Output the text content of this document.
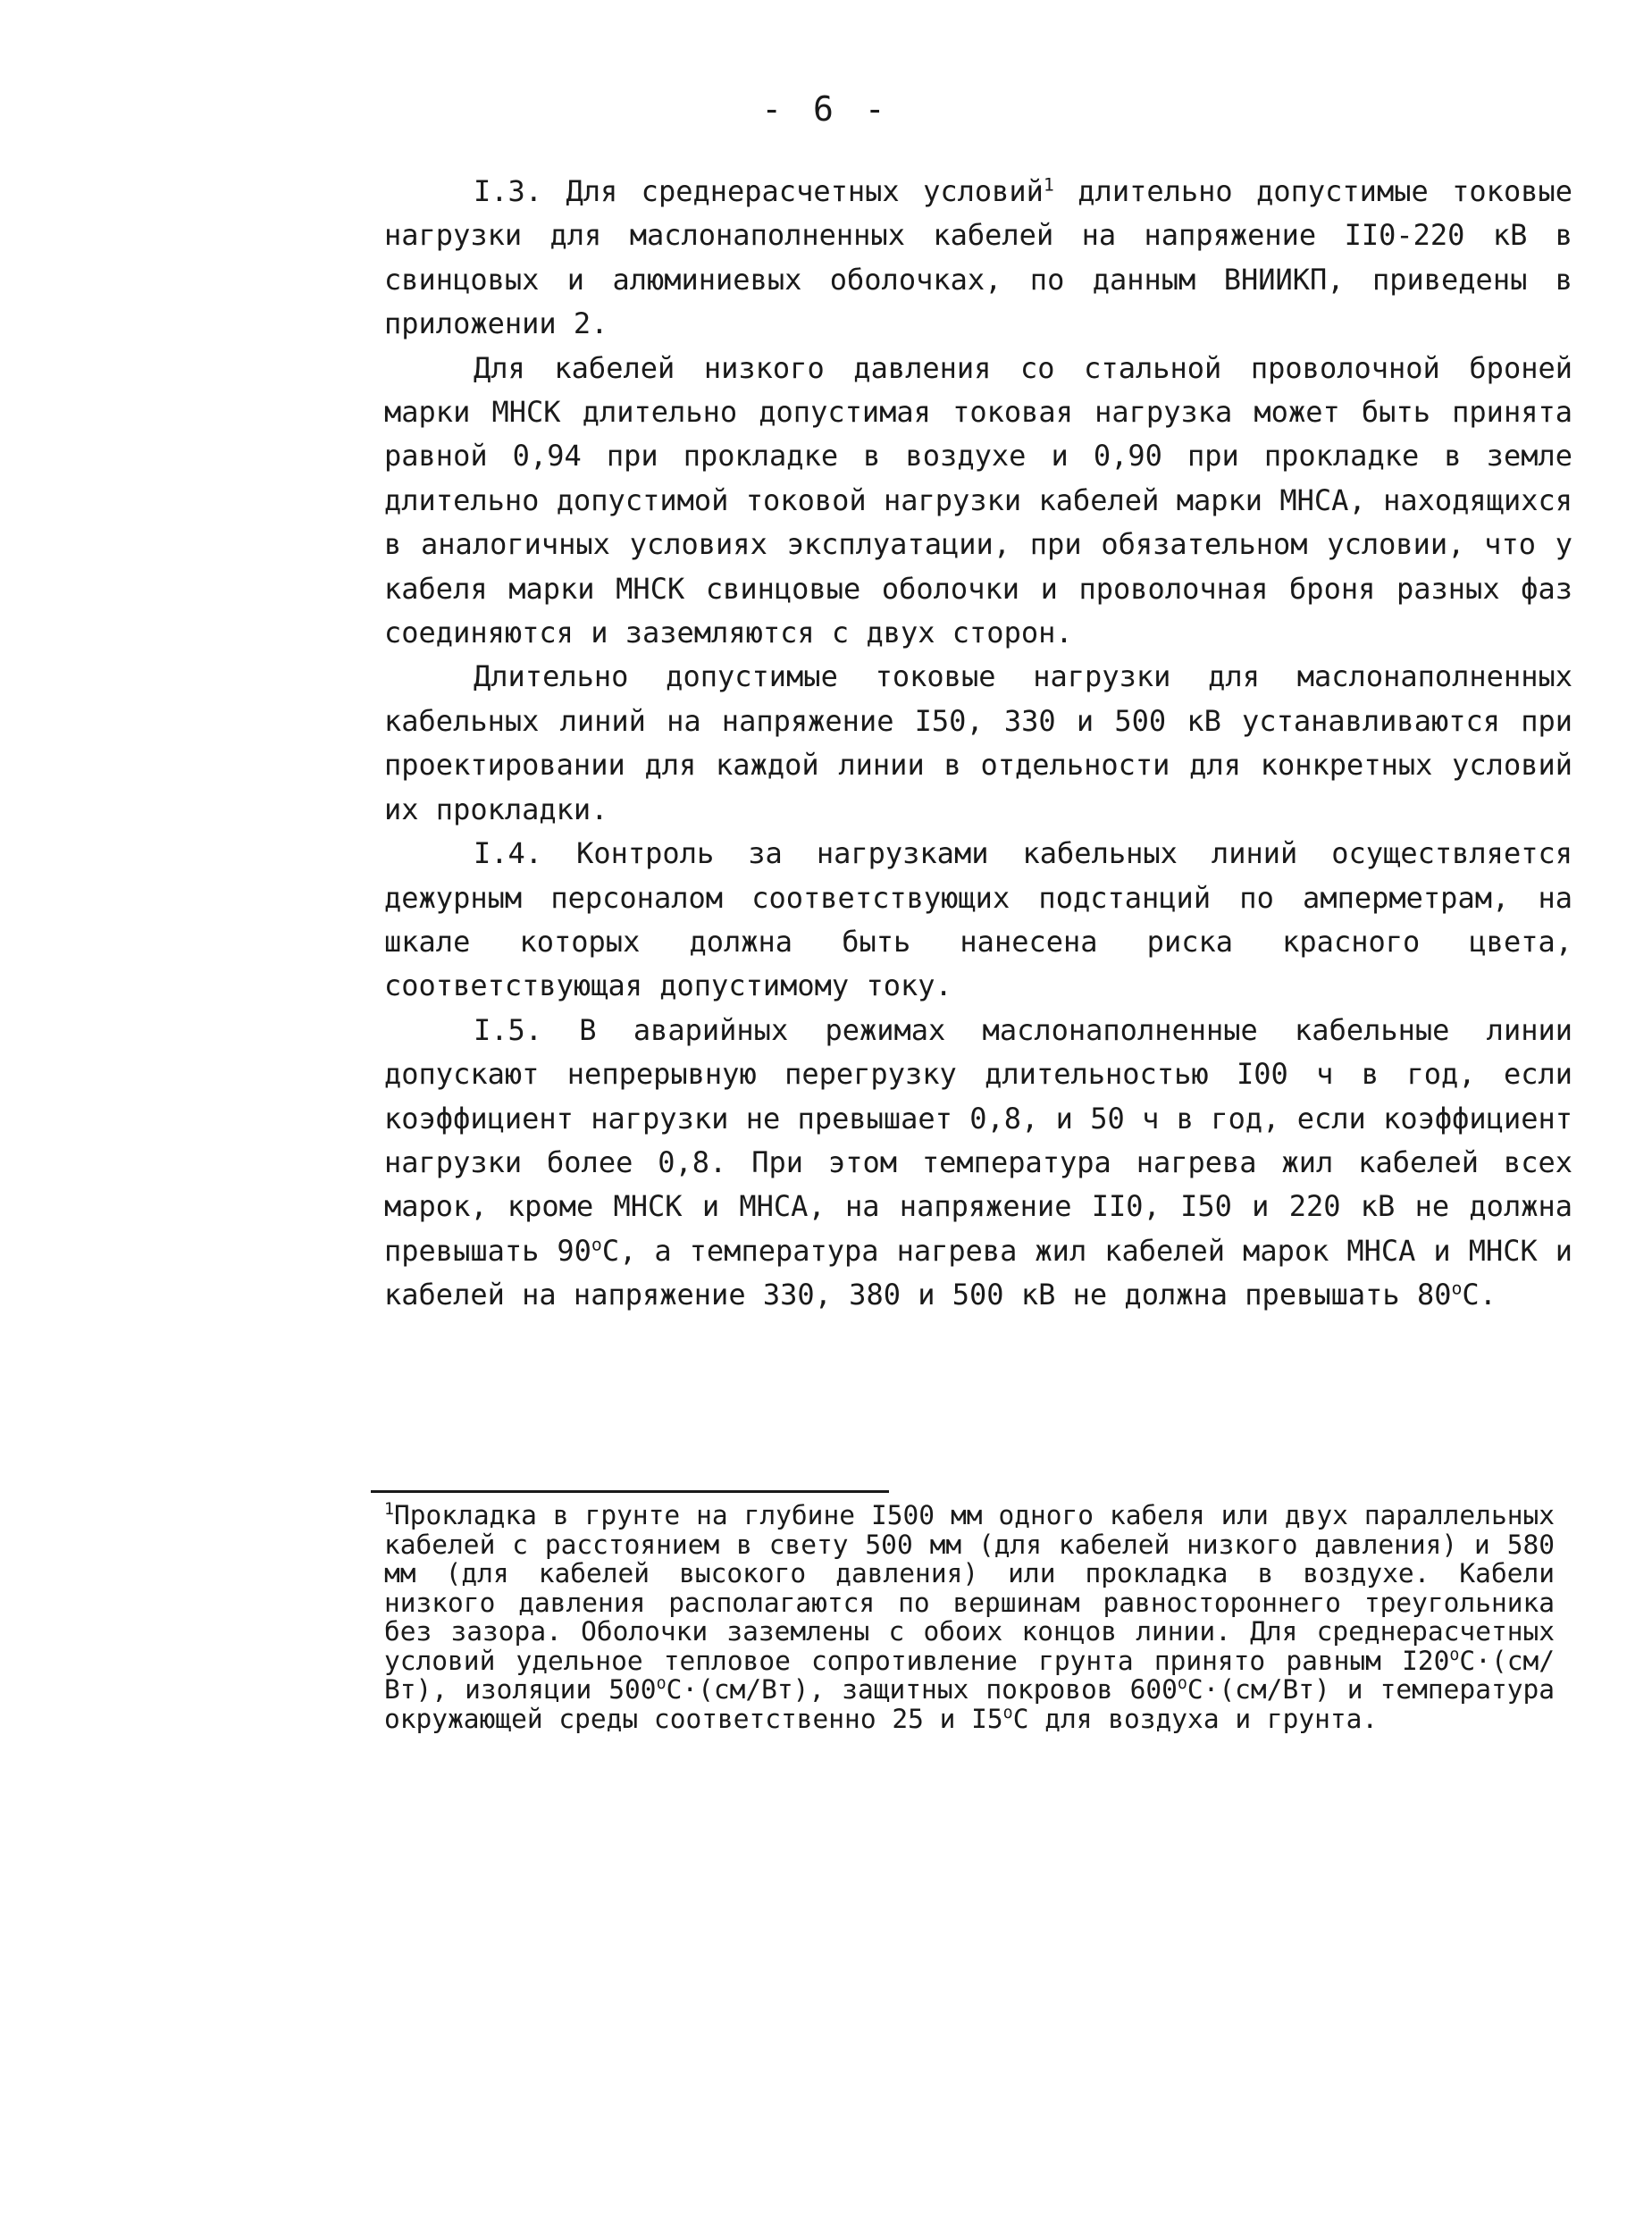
- 6 -

I.3. Для среднерасчетных условий$^1$ длительно допустимые токовые нагрузки для маслонаполненных кабелей на напряжение II0-220 кВ в свинцовых и алюминиевых оболочках, по данным ВНИИКП, приведены в приложении 2.

Для кабелей низкого давления со стальной проволочной броней марки МНСК длительно допустимая токовая нагрузка может быть принята равной 0,94 при прокладке в воздухе и 0,90 при прокладке в земле длительно допустимой токовой нагрузки кабелей марки МНСА, находящихся в аналогичных условиях эксплуатации, при обязательном условии, что у кабеля марки МНСК свинцовые оболочки и проволочная броня разных фаз соединяются и заземляются с двух сторон.

Длительно допустимые токовые нагрузки для маслонаполненных кабельных линий на напряжение I50, 330 и 500 кВ устанавливаются при проектировании для каждой линии в отдельности для конкретных условий их прокладки.

I.4. Контроль за нагрузками кабельных линий осуществляется дежурным персоналом соответствующих подстанций по амперметрам, на шкале которых должна быть нанесена риска красного цвета, соответствующая допустимому току.

I.5. В аварийных режимах маслонаполненные кабельные линии допускают непрерывную перегрузку длительностью I00 ч в год, если коэффициент нагрузки не превышает 0,8, и 50 ч в год, если коэффициент нагрузки более 0,8. При этом температура нагрева жил кабелей всех марок, кроме МНСК и МНСА, на напряжение II0, I50 и 220 кВ не должна превышать $90^оС$, а температура нагрева жил кабелей марок МНСА и МНСК и кабелей на напряжение 330, 380 и 500 кВ не должна превышать $80^оС$.

$^1$Прокладка в грунте на глубине I500 мм одного кабеля или двух параллельных кабелей с расстоянием в свету 500 мм (для кабелей низкого давления) и 580 мм (для кабелей высокого давления) или прокладка в воздухе. Кабели низкого давления располагаются по вершинам равностороннего треугольника без зазора. Оболочки заземлены с обоих концов линии. Для среднерасчетных условий удельное тепловое сопротивление грунта принято равным $I20^оС\cdot(см/Вт)$, изоляции $500^оС\cdot(см/Вт)$, защитных покровов $600^оС\cdot(см/Вт)$ и температура окружающей среды соответственно 25 и $I5^оС$ для воздуха и грунта.
